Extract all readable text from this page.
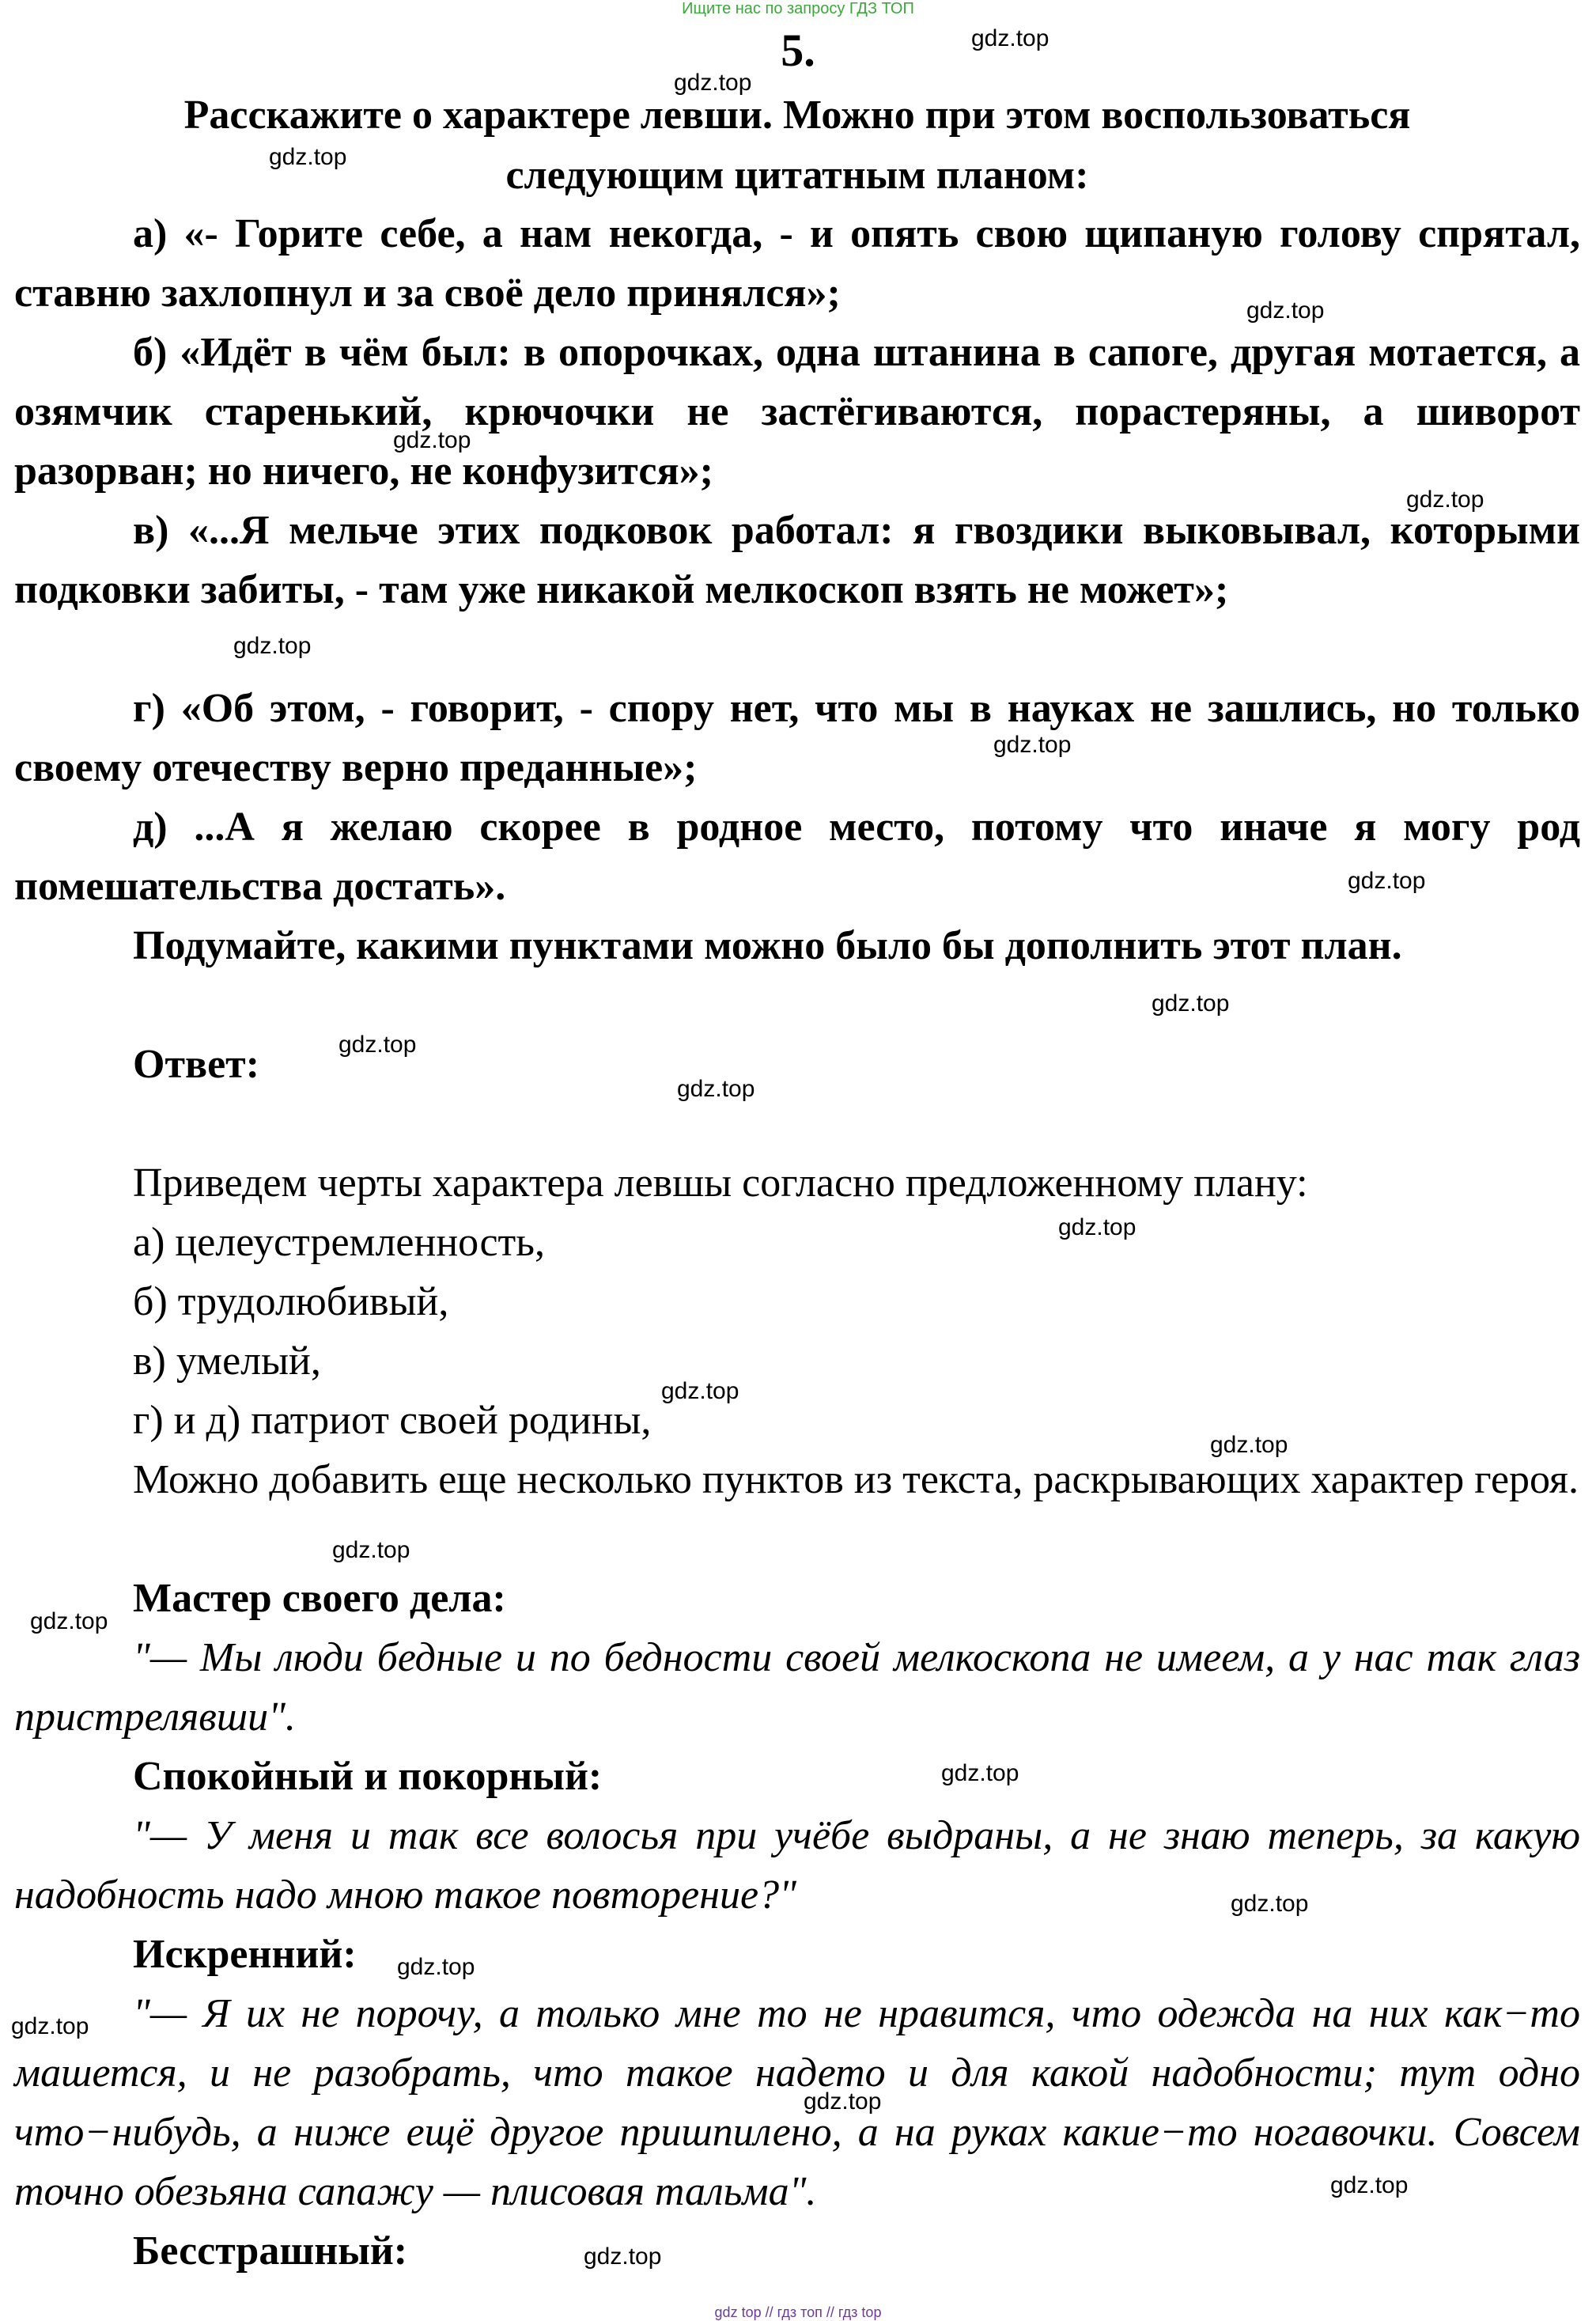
Ищите нас по запросу ГДЗ ТОП
5.
Расскажите о характере левши. Можно при этом воспользоваться
следующим цитатным планом:
а) «- Горите себе, а нам некогда, - и опять свою щипаную голову спрятал, ставню захлопнул и за своё дело принялся»;
б) «Идёт в чём был: в опорочках, одна штанина в сапоге, другая мотается, а озямчик старенький, крючочки не застёгиваются, порастеряны, а шиворот разорван; но ничего, не конфузится»;
в) «...Я мельче этих подковок работал: я гвоздики выковывал, которыми подковки забиты, - там уже никакой мелкоскоп взять не может»;
г) «Об этом, - говорит, - спору нет, что мы в науках не зашлись, но только своему отечеству верно преданные»;
д) ...А я желаю скорее в родное место, потому что иначе я могу род помешательства достать».
Подумайте, какими пунктами можно было бы дополнить этот план.
Ответ:
Приведем черты характера левшы согласно предложенному плану:
а) целеустремленность,
б) трудолюбивый,
в) умелый,
г) и д) патриот своей родины,
Можно добавить еще несколько пунктов из текста, раскрывающих характер героя.
Мастер своего дела:
"— Мы люди бедные и по бедности своей мелкоскопа не имеем, а у нас так глаз пристрелявши".
Спокойный и покорный:
"— У меня и так все волосья при учёбе выдраны, а не знаю теперь, за какую надобность надо мною такое повторение?"
Искренний:
"— Я их не порочу, а только мне то не нравится, что одежда на них как−то машется, и не разобрать, что такое надето и для какой надобности; тут одно что−нибудь, а ниже ещё другое пришпилено, а на руках какие−то ногавочки. Совсем точно обезьяна сапажу — плисовая тальма".
Бесстрашный:
gdz.top
gdz.top
gdz.top
gdz.top
gdz.top
gdz.top
gdz.top
gdz.top
gdz.top
gdz.top
gdz.top
gdz.top
gdz.top
gdz.top
gdz.top
gdz.top
gdz.top
gdz.top
gdz.top
gdz.top
gdz.top
gdz.top
gdz.top
gdz.top
gdz top // гдз топ // гдз top
